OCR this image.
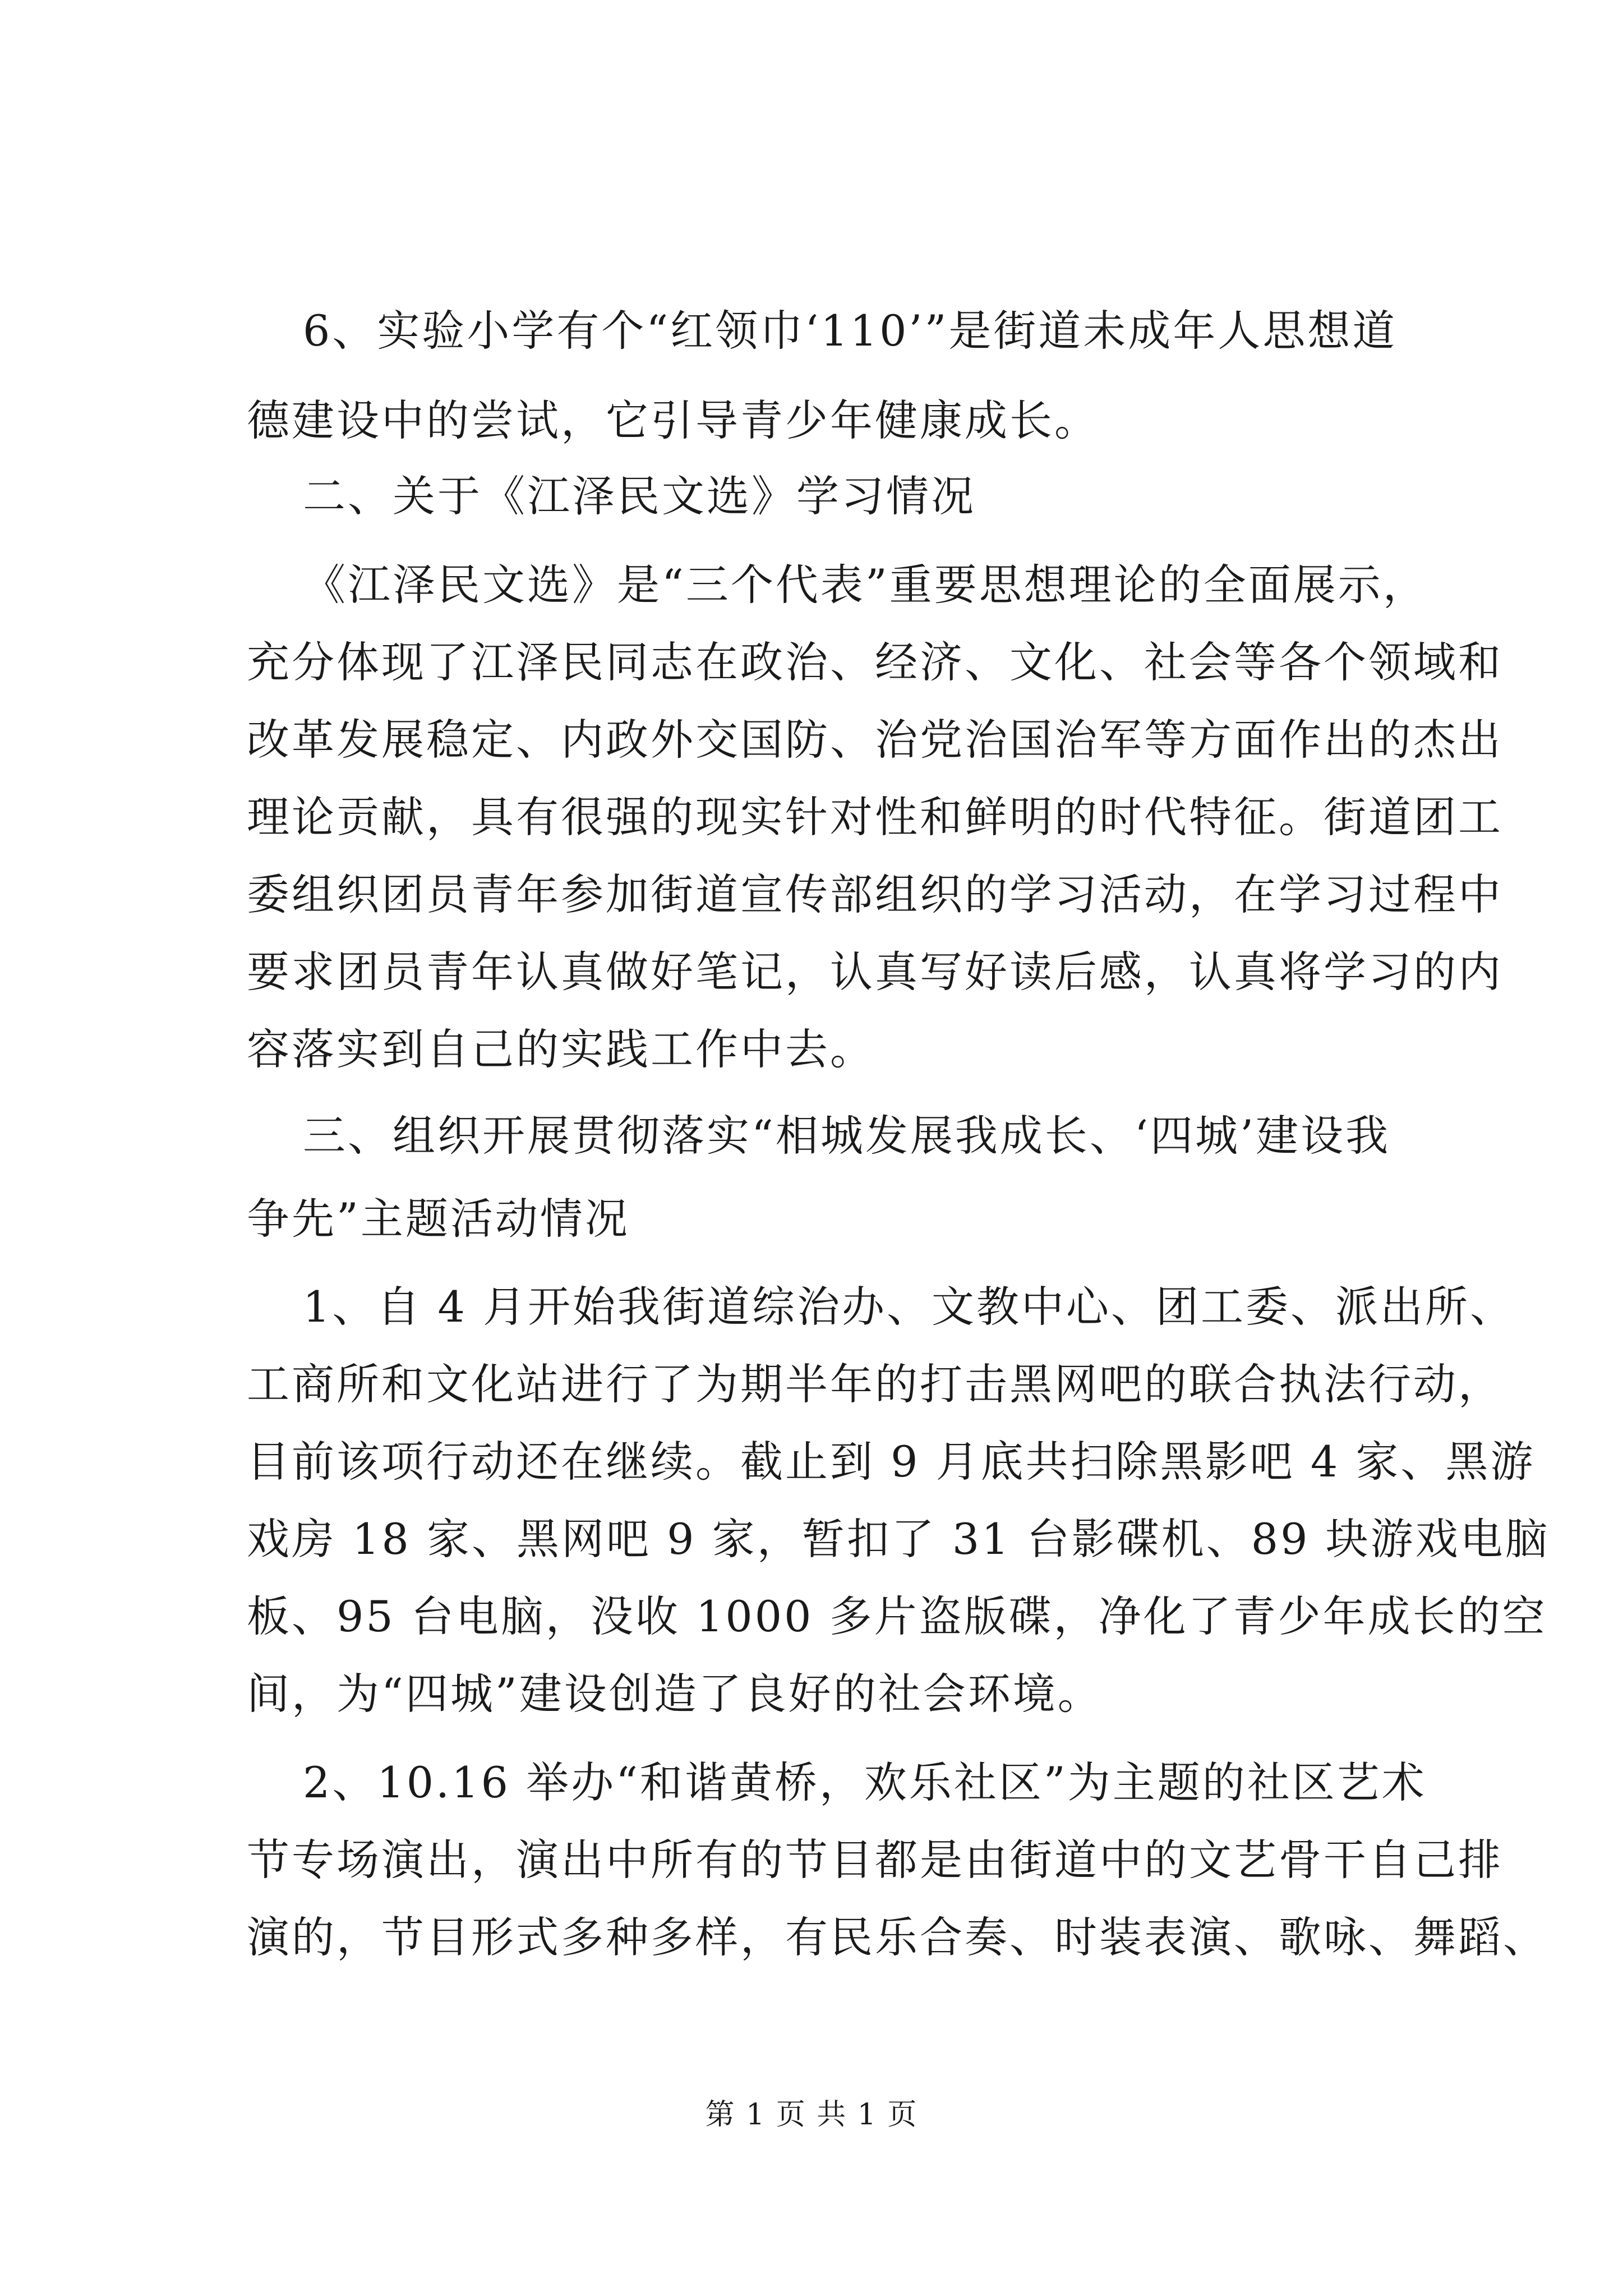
6、实验小学有个“红领巾‘110’”是街道未成年人思想道
德建设中的尝试，它引导青少年健康成长。
二、关于《江泽民文选》学习情况
《江泽民文选》是“三个代表”重要思想理论的全面展示，
充分体现了江泽民同志在政治、经济、文化、社会等各个领域和
改革发展稳定、内政外交国防、治党治国治军等方面作出的杰出
理论贡献，具有很强的现实针对性和鲜明的时代特征。街道团工
委组织团员青年参加街道宣传部组织的学习活动，在学习过程中
要求团员青年认真做好笔记，认真写好读后感，认真将学习的内
容落实到自己的实践工作中去。
三、组织开展贯彻落实“相城发展我成长、‘四城’建设我
争先”主题活动情况
1、自 4 月开始我街道综治办、文教中心、团工委、派出所、
工商所和文化站进行了为期半年的打击黑网吧的联合执法行动，
目前该项行动还在继续。截止到 9 月底共扫除黑影吧 4 家、黑游
戏房 18 家、黑网吧 9 家，暂扣了 31 台影碟机、89 块游戏电脑
板、95 台电脑，没收 1000 多片盗版碟，净化了青少年成长的空
间，为“四城”建设创造了良好的社会环境。
2、10.16 举办“和谐黄桥，欢乐社区”为主题的社区艺术
节专场演出，演出中所有的节目都是由街道中的文艺骨干自己排
演的，节目形式多种多样，有民乐合奏、时装表演、歌咏、舞蹈、
第 1 页 共 1 页
